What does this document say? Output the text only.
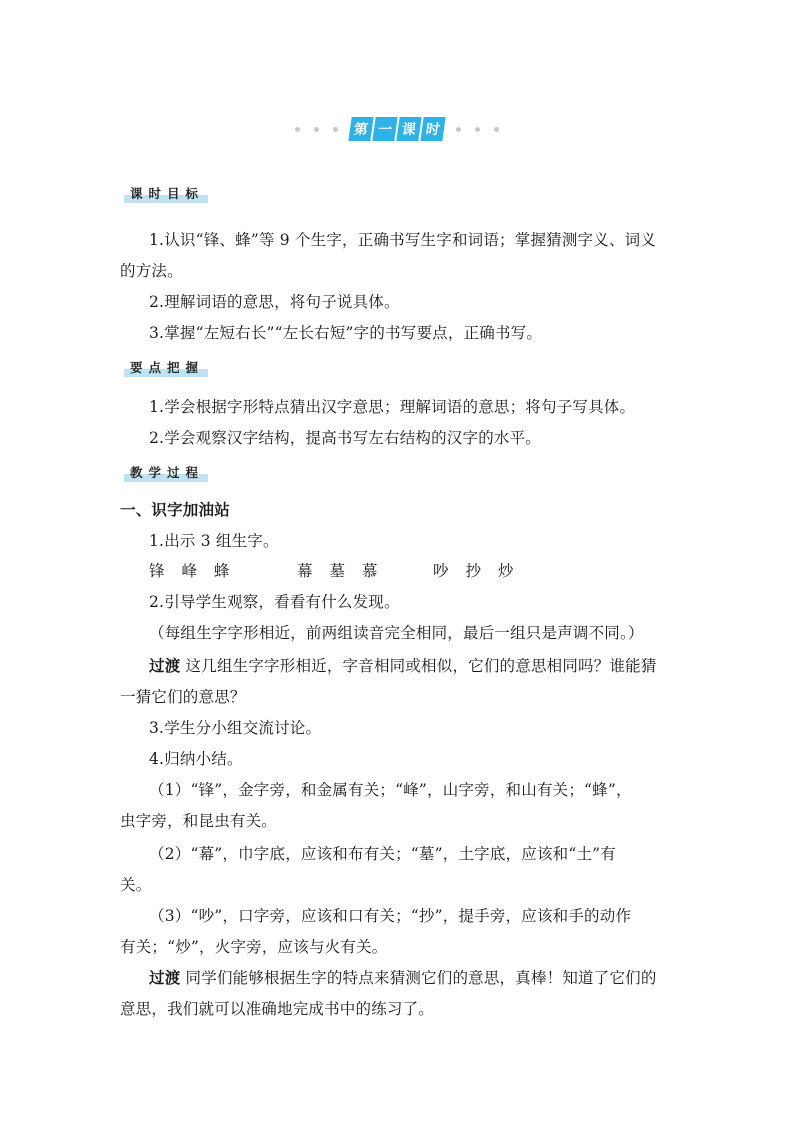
第 一 课 时
课时目标
1.认识“锋、蜂”等 9 个生字，正确书写生字和词语；掌握猜测字义、词义
的方法。
2.理解词语的意思，将句子说具体。
3.掌握“左短右长”“左长右短”字的书写要点，正确书写。
要点把握
1.学会根据字形特点猜出汉字意思；理解词语的意思；将句子写具体。
2.学会观察汉字结构，提高书写左右结构的汉字的水平。
教学过程
一、识字加油站
1.出示 3 组生字。
锋 峰 蜂	幕 墓 慕	吵 抄 炒
2.引导学生观察，看看有什么发现。
（每组生字字形相近，前两组读音完全相同，最后一组只是声调不同。）
过渡 这几组生字字形相近，字音相同或相似，它们的意思相同吗？谁能猜
一猜它们的意思？
3.学生分小组交流讨论。
4.归纳小结。
（1）“锋”，金字旁，和金属有关；“峰”，山字旁，和山有关；“蜂”，
虫字旁，和昆虫有关。
（2）“幕”，巾字底，应该和布有关；“墓”，土字底，应该和“土”有
关。
（3）“吵”，口字旁，应该和口有关；“抄”，提手旁，应该和手的动作
有关；“炒”，火字旁，应该与火有关。
过渡 同学们能够根据生字的特点来猜测它们的意思，真棒！知道了它们的
意思，我们就可以准确地完成书中的练习了。
